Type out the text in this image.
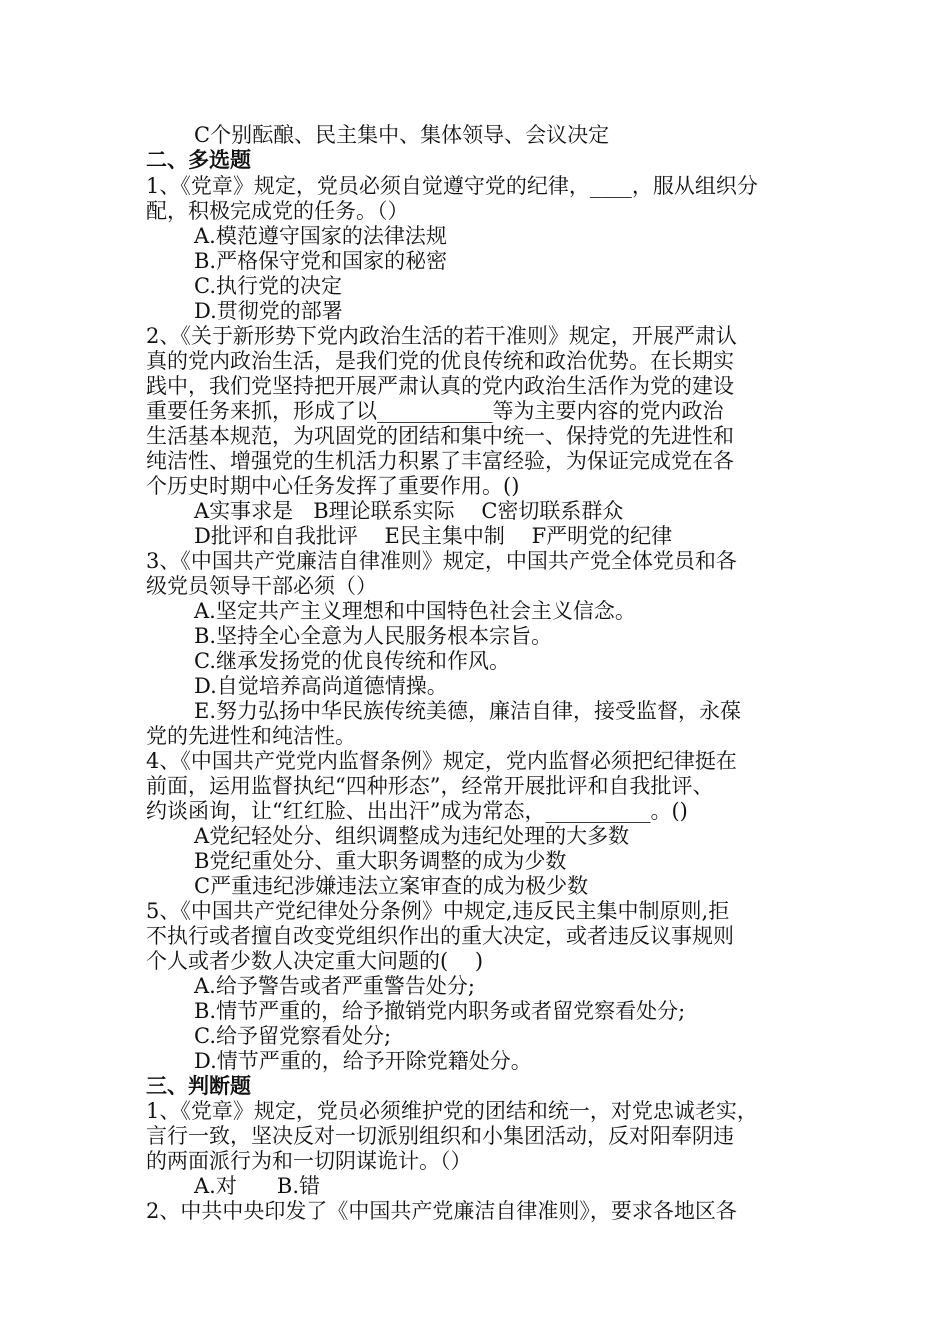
C个别酝酿、民主集中、集体领导、会议决定
二、多选题
1、《党章》规定，党员必须自觉遵守党的纪律，____，服从组织分
配，积极完成党的任务。（）
A.模范遵守国家的法律法规
B.严格保守党和国家的秘密
C.执行党的决定
D.贯彻党的部署
2、《关于新形势下党内政治生活的若干准则》规定，开展严肃认
真的党内政治生活，是我们党的优良传统和政治优势。在长期实
践中，我们党坚持把开展严肃认真的党内政治生活作为党的建设
重要任务来抓，形成了以___________等为主要内容的党内政治
生活基本规范，为巩固党的团结和集中统一、保持党的先进性和
纯洁性、增强党的生机活力积累了丰富经验，为保证完成党在各
个历史时期中心任务发挥了重要作用。()
A实事求是   B理论联系实际    C密切联系群众
D批评和自我批评    E民主集中制    F严明党的纪律
3、《中国共产党廉洁自律准则》规定，中国共产党全体党员和各
级党员领导干部必须（）
A.坚定共产主义理想和中国特色社会主义信念。
B.坚持全心全意为人民服务根本宗旨。
C.继承发扬党的优良传统和作风。
D.自觉培养高尚道德情操。
E.努力弘扬中华民族传统美德，廉洁自律，接受监督，永葆
党的先进性和纯洁性。
4、《中国共产党党内监督条例》规定，党内监督必须把纪律挺在
前面，运用监督执纪“四种形态”，经常开展批评和自我批评、
约谈函询，让“红红脸、出出汗”成为常态，__________。()
A党纪轻处分、组织调整成为违纪处理的大多数
B党纪重处分、重大职务调整的成为少数
C严重违纪涉嫌违法立案审查的成为极少数
5、《中国共产党纪律处分条例》中规定,违反民主集中制原则,拒
不执行或者擅自改变党组织作出的重大决定，或者违反议事规则
个人或者少数人决定重大问题的(    )
A.给予警告或者严重警告处分;
B.情节严重的，给予撤销党内职务或者留党察看处分;
C.给予留党察看处分;
D.情节严重的，给予开除党籍处分。
三、判断题
1、《党章》规定，党员必须维护党的团结和统一，对党忠诚老实，
言行一致，坚决反对一切派别组织和小集团活动，反对阳奉阴违
的两面派行为和一切阴谋诡计。（）
A.对      B.错
2、中共中央印发了《中国共产党廉洁自律准则》，要求各地区各
